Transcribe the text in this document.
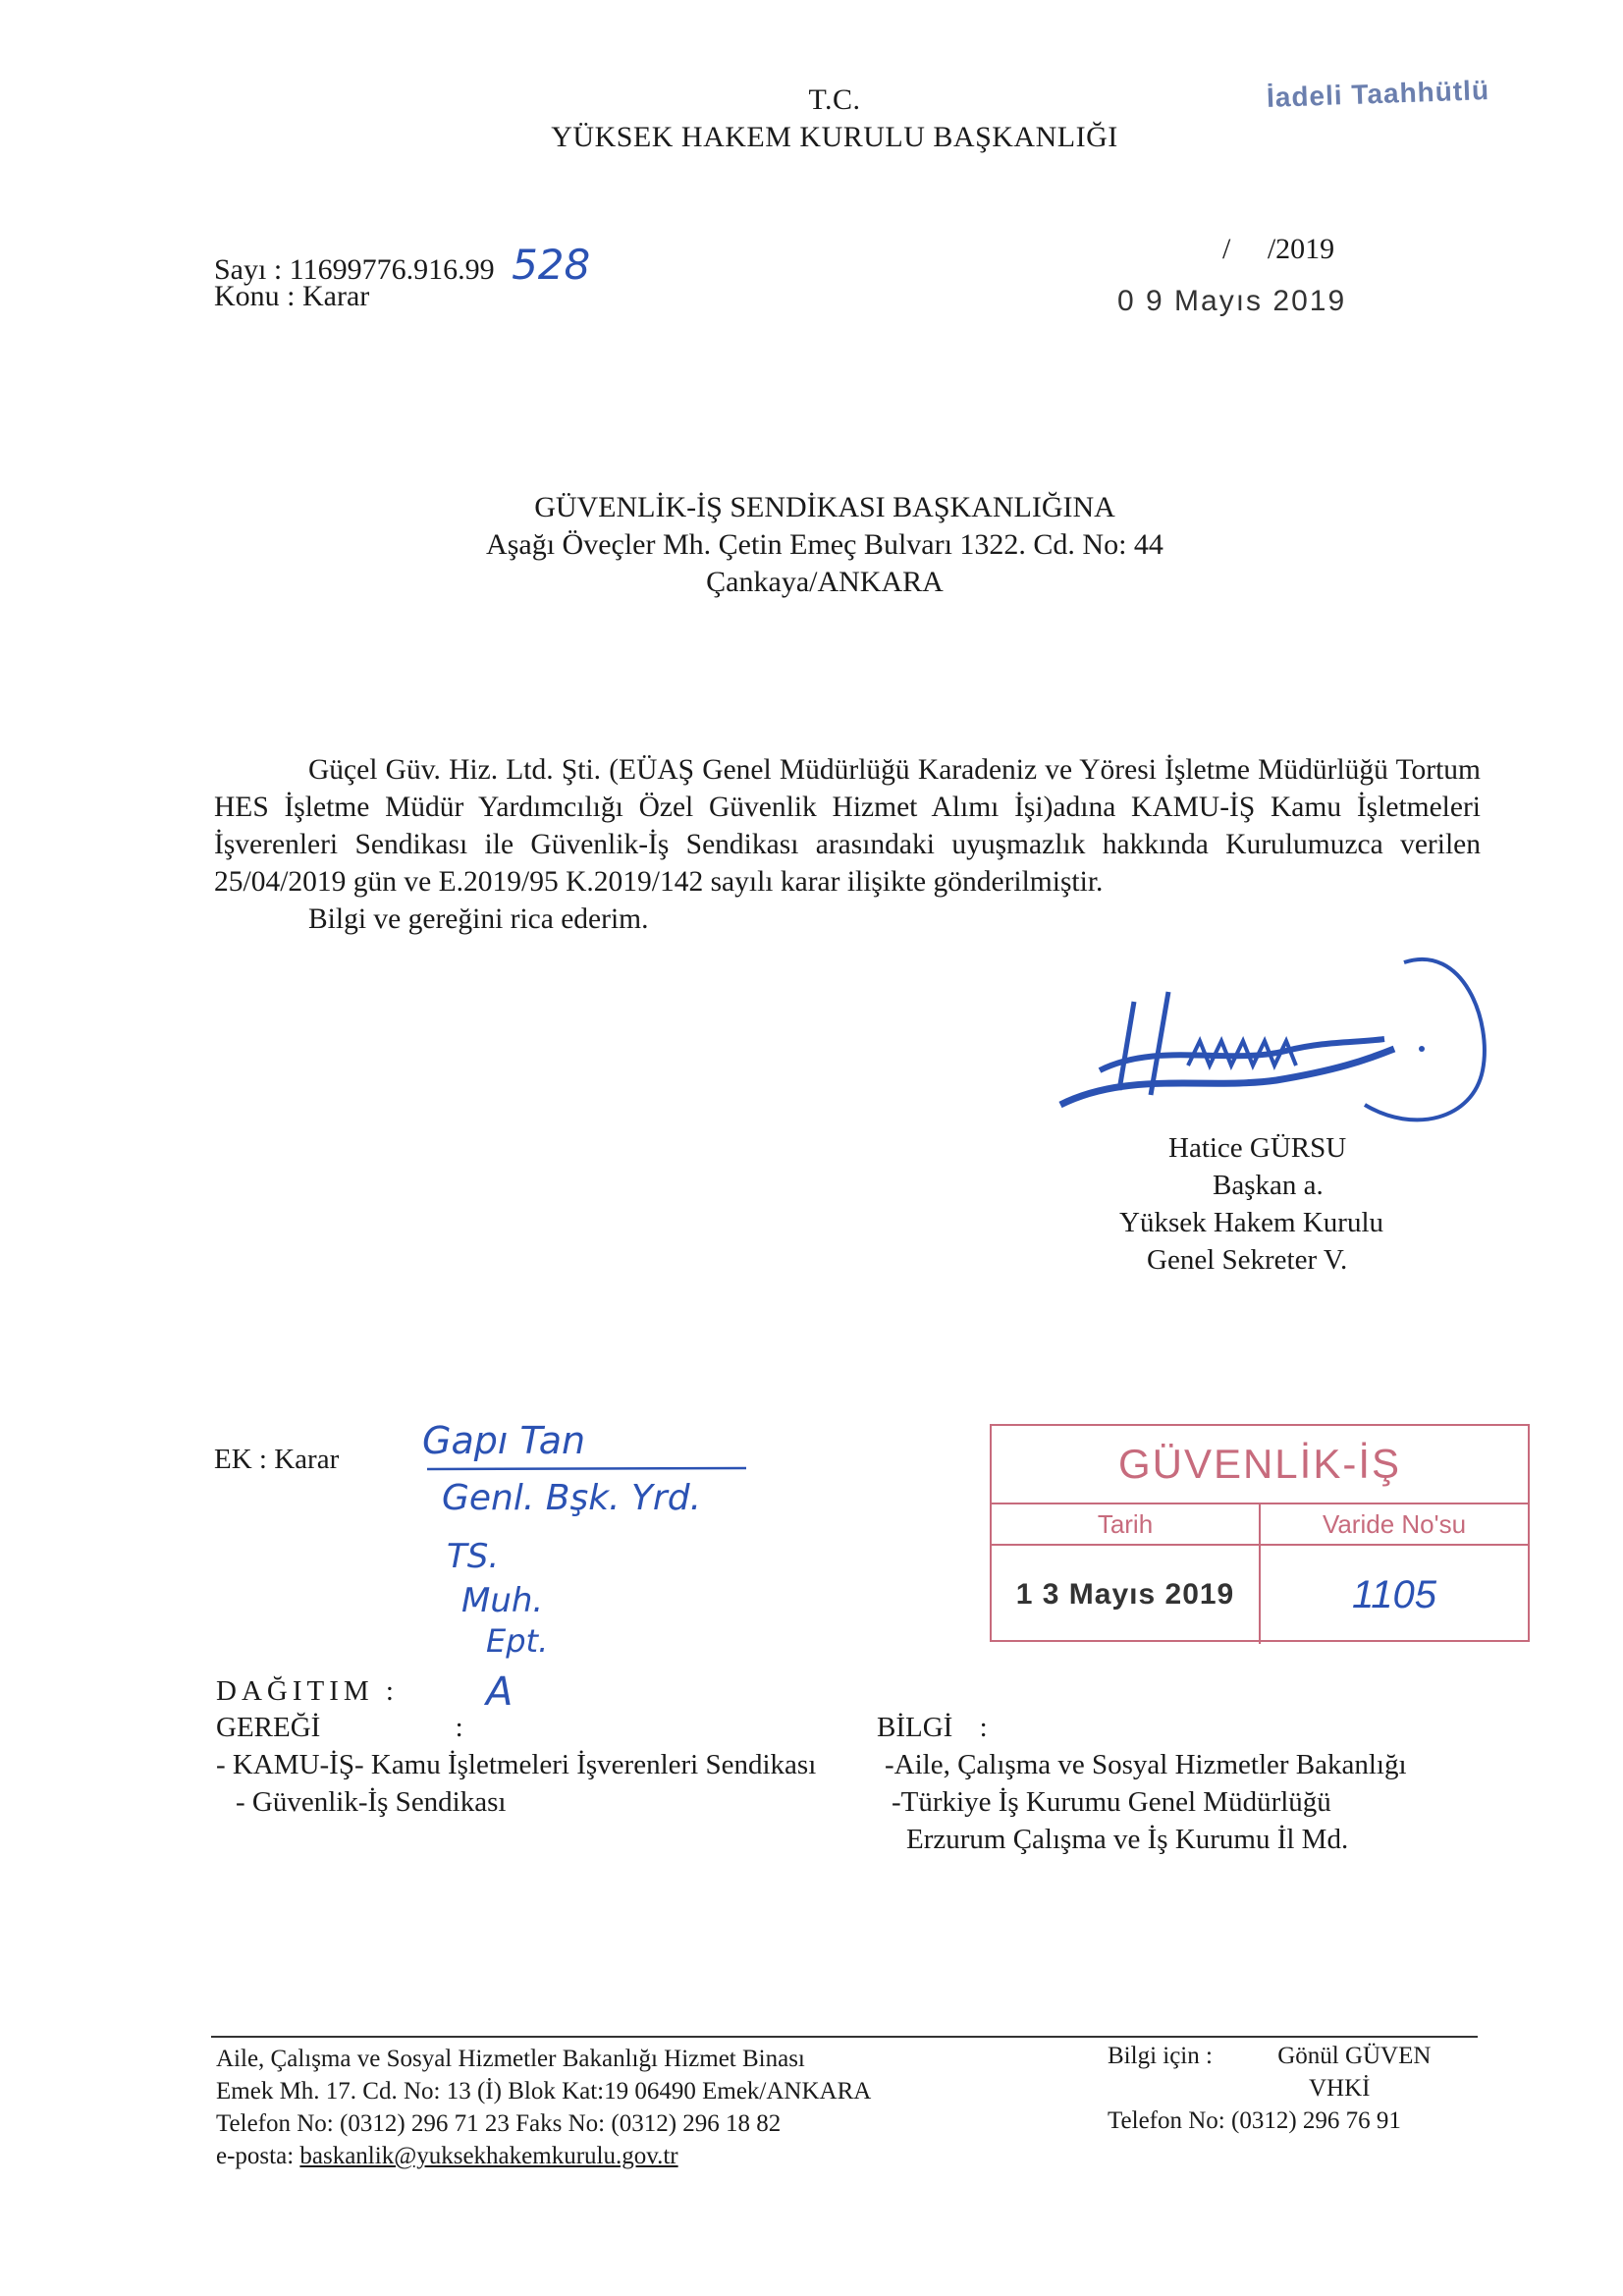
T.C.
YÜKSEK HAKEM KURULU BAŞKANLIĞI
İadeli Taahhütlü
Sayı : 11699776.916.99 528
Konu : Karar
/     /2019
0 9 Mayıs 2019
GÜVENLİK-İŞ SENDİKASI BAŞKANLIĞINA
Aşağı Öveçler Mh. Çetin Emeç Bulvarı 1322. Cd. No: 44
Çankaya/ANKARA

Güçel Güv. Hiz. Ltd. Şti. (EÜAŞ Genel Müdürlüğü Karadeniz ve Yöresi İşletme Müdürlüğü Tortum HES İşletme Müdür Yardımcılığı Özel Güvenlik Hizmet Alımı İşi)adına KAMU-İŞ Kamu İşletmeleri İşverenleri Sendikası ile Güvenlik-İş Sendikası arasındaki uyuşmazlık hakkında Kurulumuzca verilen 25/04/2019 gün ve E.2019/95 K.2019/142 sayılı karar ilişikte gönderilmiştir.

Bilgi ve gereğini rica ederim.

Hatice GÜRSU
Başkan a.
Yüksek Hakem Kurulu
Genel Sekreter V.
EK : Karar Gapı Tan
Genl. Bşk. Yrd.
TS.
Muh.
Ept.
A
GÜVENLİK-İŞ
Tarih	Varide No'su
1 3 Mayıs 2019	1105
DAĞITIM :
GEREĞİ	:
- KAMU-İŞ- Kamu İşletmeleri İşverenleri Sendikası
- Güvenlik-İş Sendikası
BİLGİ :
-Aile, Çalışma ve Sosyal Hizmetler Bakanlığı
-Türkiye İş Kurumu Genel Müdürlüğü
Erzurum Çalışma ve İş Kurumu İl Md.
Aile, Çalışma ve Sosyal Hizmetler Bakanlığı Hizmet Binası
Emek Mh. 17. Cd. No: 13 (İ) Blok Kat:19 06490 Emek/ANKARA
Telefon No: (0312) 296 71 23 Faks No: (0312) 296 18 82
e-posta: baskanlik@yuksekhakemkurulu.gov.tr
Bilgi için :	Gönül GÜVEN
VHKİ
Telefon No: (0312) 296 76 91
